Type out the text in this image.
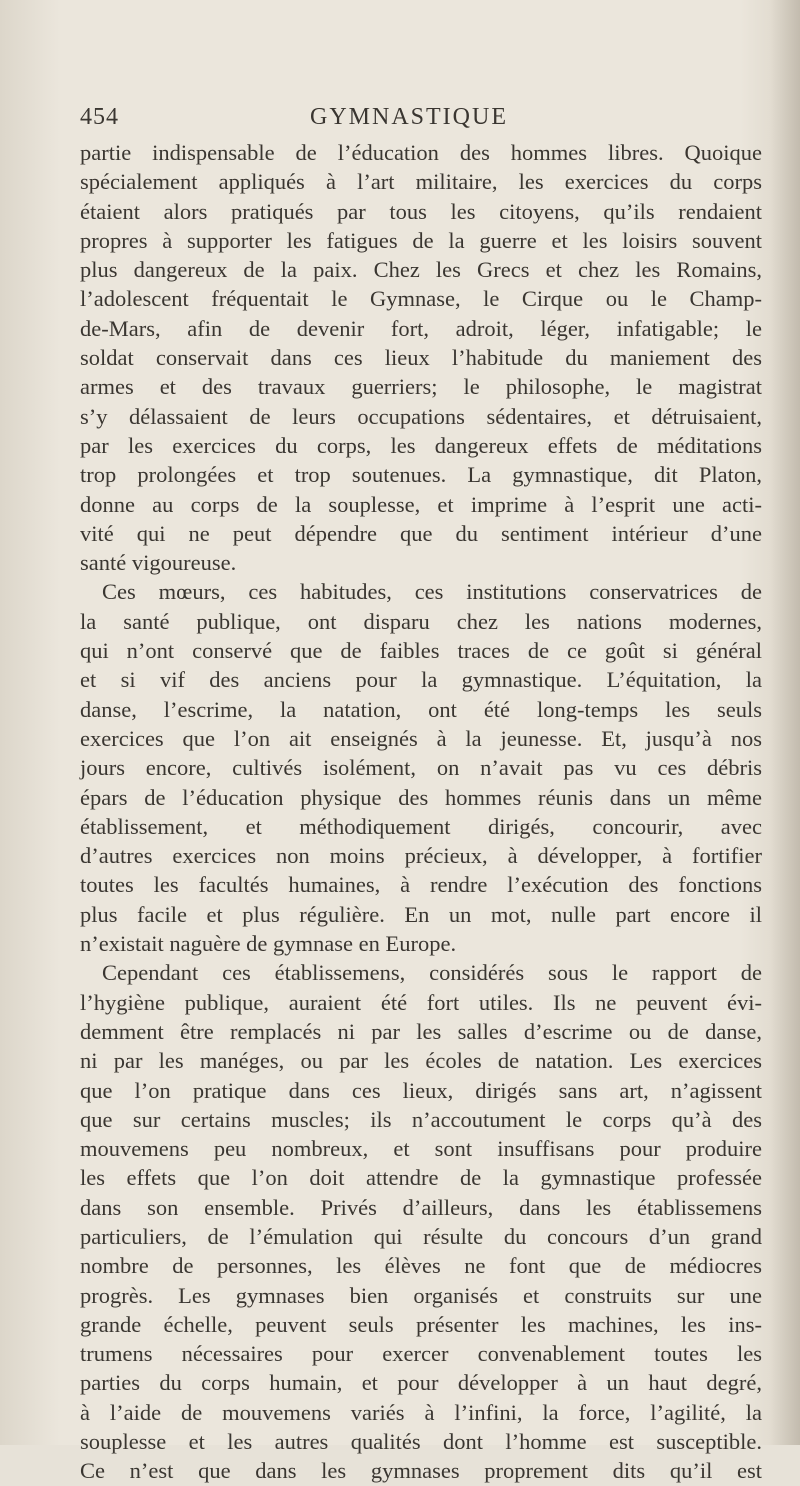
454	GYMNASTIQUE
partie indispensable de l’éducation des hommes libres. Quoique
spécialement appliqués à l’art militaire, les exercices du corps
étaient alors pratiqués par tous les citoyens, qu’ils rendaient
propres à supporter les fatigues de la guerre et les loisirs souvent
plus dangereux de la paix. Chez les Grecs et chez les Romains,
l’adolescent fréquentait le Gymnase, le Cirque ou le Champ-
de-Mars, afin de devenir fort, adroit, léger, infatigable; le
soldat conservait dans ces lieux l’habitude du maniement des
armes et des travaux guerriers; le philosophe, le magistrat
s’y délassaient de leurs occupations sédentaires, et détruisaient,
par les exercices du corps, les dangereux effets de méditations
trop prolongées et trop soutenues. La gymnastique, dit Platon,
donne au corps de la souplesse, et imprime à l’esprit une acti-
vité qui ne peut dépendre que du sentiment intérieur d’une
santé vigoureuse.
Ces mœurs, ces habitudes, ces institutions conservatrices de
la santé publique, ont disparu chez les nations modernes,
qui n’ont conservé que de faibles traces de ce goût si général
et si vif des anciens pour la gymnastique. L’équitation, la
danse, l’escrime, la natation, ont été long-temps les seuls
exercices que l’on ait enseignés à la jeunesse. Et, jusqu’à nos
jours encore, cultivés isolément, on n’avait pas vu ces débris
épars de l’éducation physique des hommes réunis dans un même
établissement, et méthodiquement dirigés, concourir, avec
d’autres exercices non moins précieux, à développer, à fortifier
toutes les facultés humaines, à rendre l’exécution des fonctions
plus facile et plus régulière. En un mot, nulle part encore il
n’existait naguère de gymnase en Europe.
Cependant ces établissemens, considérés sous le rapport de
l’hygiène publique, auraient été fort utiles. Ils ne peuvent évi-
demment être remplacés ni par les salles d’escrime ou de danse,
ni par les manéges, ou par les écoles de natation. Les exercices
que l’on pratique dans ces lieux, dirigés sans art, n’agissent
que sur certains muscles; ils n’accoutument le corps qu’à des
mouvemens peu nombreux, et sont insuffisans pour produire
les effets que l’on doit attendre de la gymnastique professée
dans son ensemble. Privés d’ailleurs, dans les établissemens
particuliers, de l’émulation qui résulte du concours d’un grand
nombre de personnes, les élèves ne font que de médiocres
progrès. Les gymnases bien organisés et construits sur une
grande échelle, peuvent seuls présenter les machines, les ins-
trumens nécessaires pour exercer convenablement toutes les
parties du corps humain, et pour développer à un haut degré,
à l’aide de mouvemens variés à l’infini, la force, l’agilité, la
souplesse et les autres qualités dont l’homme est susceptible.
Ce n’est que dans les gymnases proprement dits qu’il est
